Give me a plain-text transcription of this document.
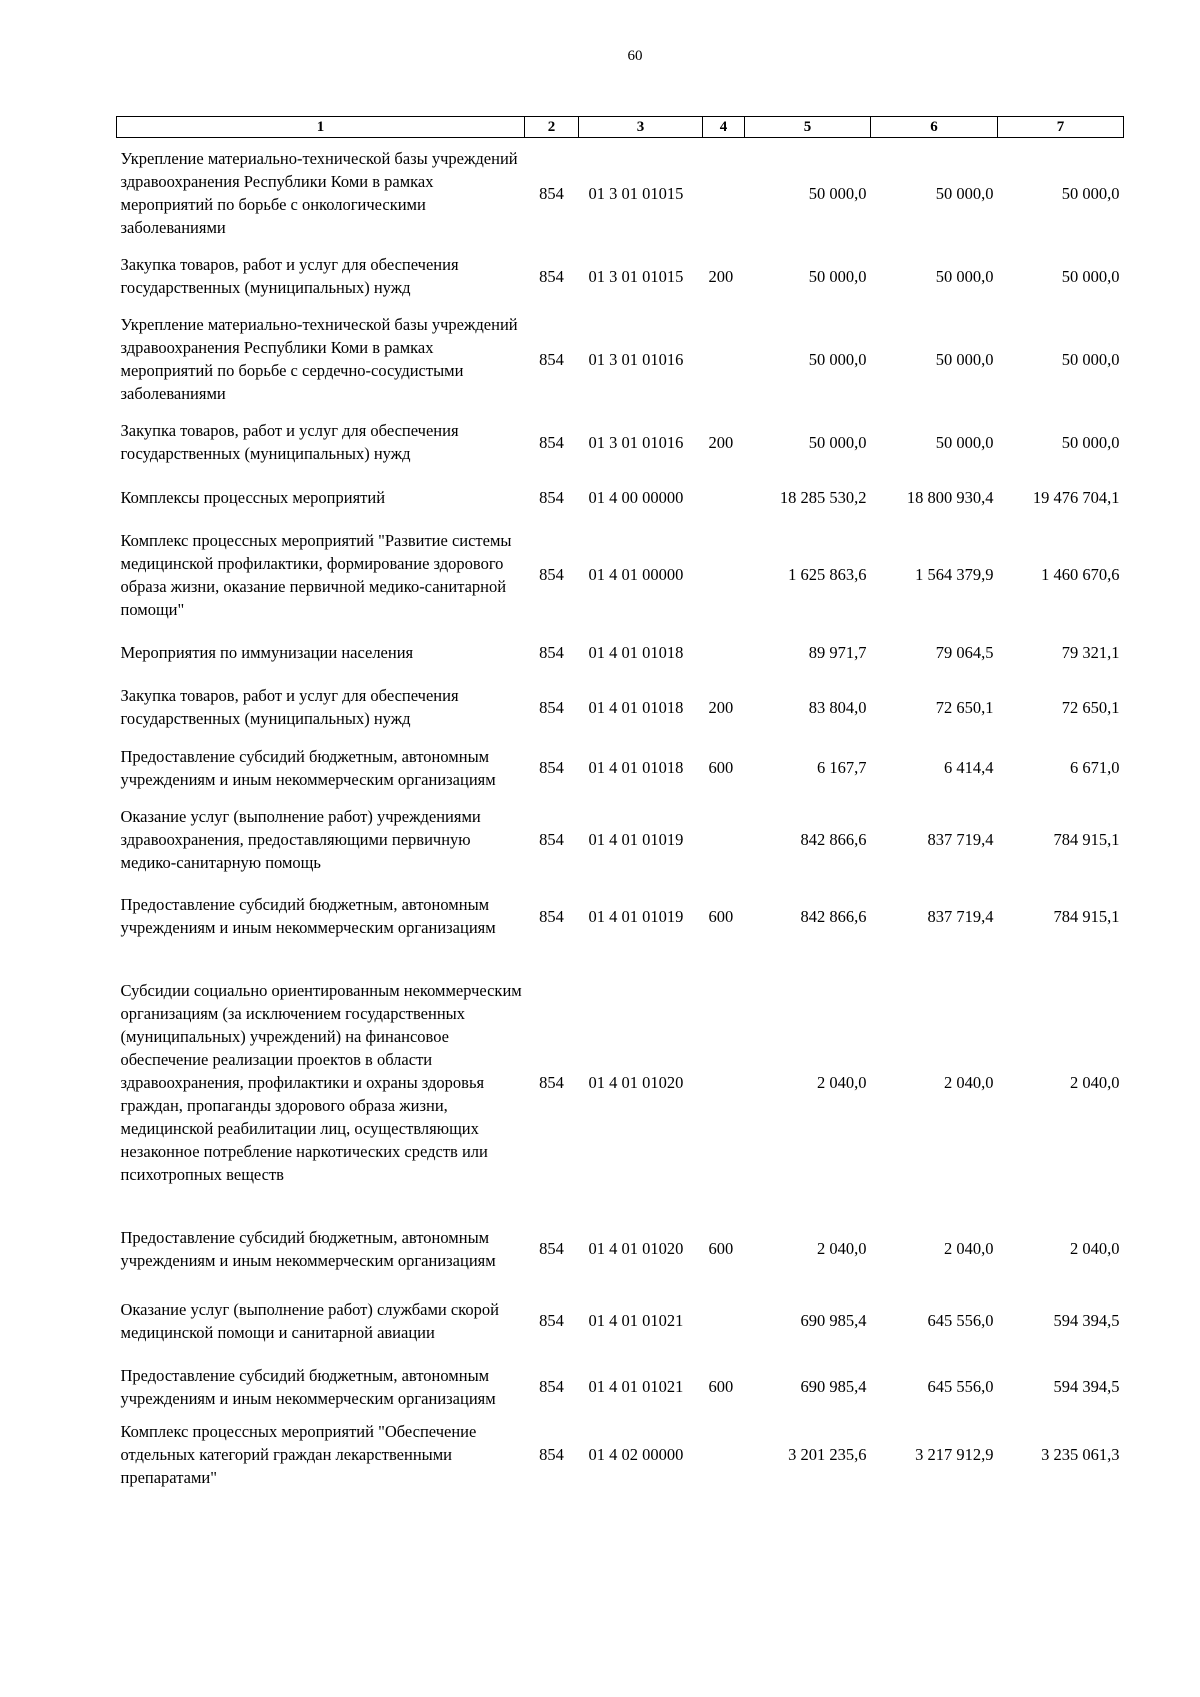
60
1	2	3	4	5	6	7
Укрепление материально-технической базы учреждений здравоохранения Республики Коми в рамках мероприятий по борьбе с онкологическими заболеваниями	854	01 3 01 01015		50 000,0	50 000,0	50 000,0
Закупка товаров, работ и услуг для обеспечения государственных (муниципальных) нужд	854	01 3 01 01015	200	50 000,0	50 000,0	50 000,0
Укрепление материально-технической базы учреждений здравоохранения Республики Коми в рамках мероприятий по борьбе с сердечно-сосудистыми заболеваниями	854	01 3 01 01016		50 000,0	50 000,0	50 000,0
Закупка товаров, работ и услуг для обеспечения государственных (муниципальных) нужд	854	01 3 01 01016	200	50 000,0	50 000,0	50 000,0
Комплексы процессных мероприятий	854	01 4 00 00000		18 285 530,2	18 800 930,4	19 476 704,1
Комплекс процессных мероприятий "Развитие системы медицинской профилактики, формирование здорового образа жизни, оказание первичной медико-санитарной помощи"	854	01 4 01 00000		1 625 863,6	1 564 379,9	1 460 670,6
Мероприятия по иммунизации населения	854	01 4 01 01018		89 971,7	79 064,5	79 321,1
Закупка товаров, работ и услуг для обеспечения государственных (муниципальных) нужд	854	01 4 01 01018	200	83 804,0	72 650,1	72 650,1
Предоставление субсидий бюджетным, автономным учреждениям и иным некоммерческим организациям	854	01 4 01 01018	600	6 167,7	6 414,4	6 671,0
Оказание услуг (выполнение работ) учреждениями здравоохранения, предоставляющими первичную медико-санитарную помощь	854	01 4 01 01019		842 866,6	837 719,4	784 915,1
Предоставление субсидий бюджетным, автономным учреждениям и иным некоммерческим организациям	854	01 4 01 01019	600	842 866,6	837 719,4	784 915,1
Субсидии социально ориентированным некоммерческим организациям (за исключением государственных (муниципальных) учреждений) на финансовое обеспечение реализации проектов в области здравоохранения, профилактики и охраны здоровья граждан, пропаганды здорового образа жизни, медицинской реабилитации лиц, осуществляющих незаконное потребление наркотических средств или психотропных веществ	854	01 4 01 01020		2 040,0	2 040,0	2 040,0
Предоставление субсидий бюджетным, автономным учреждениям и иным некоммерческим организациям	854	01 4 01 01020	600	2 040,0	2 040,0	2 040,0
Оказание услуг (выполнение работ) службами скорой медицинской помощи и санитарной авиации	854	01 4 01 01021		690 985,4	645 556,0	594 394,5
Предоставление субсидий бюджетным, автономным учреждениям и иным некоммерческим организациям	854	01 4 01 01021	600	690 985,4	645 556,0	594 394,5
Комплекс процессных мероприятий "Обеспечение отдельных категорий граждан лекарственными препаратами"	854	01 4 02 00000		3 201 235,6	3 217 912,9	3 235 061,3
